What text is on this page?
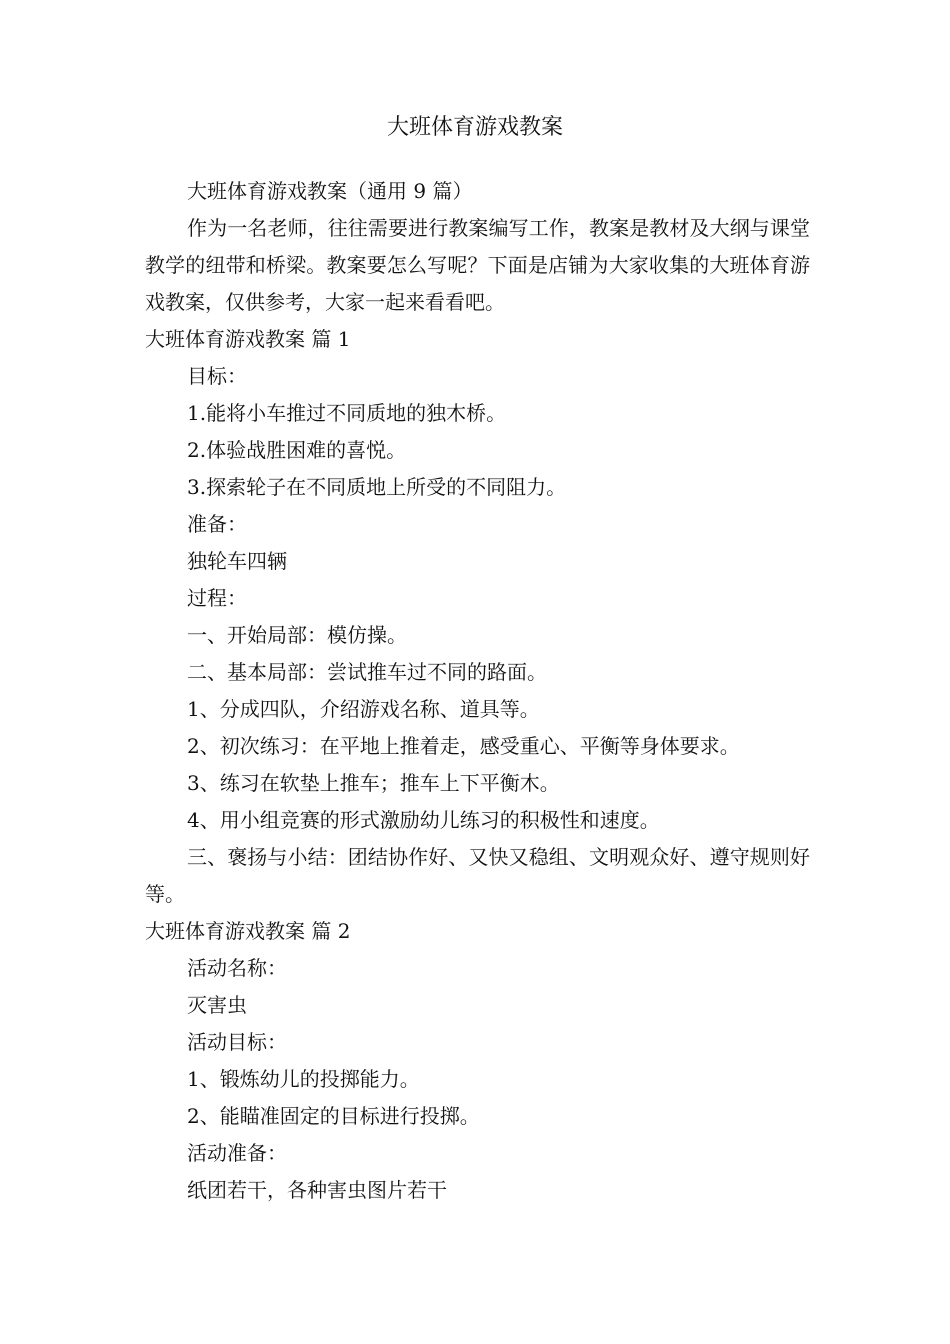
大班体育游戏教案

大班体育游戏教案（通用 9 篇）

作为一名老师，往往需要进行教案编写工作，教案是教材及大纲与课堂教学的纽带和桥梁。教案要怎么写呢？下面是店铺为大家收集的大班体育游戏教案，仅供参考，大家一起来看看吧。

大班体育游戏教案 篇 1

目标：

1.能将小车推过不同质地的独木桥。

2.体验战胜困难的喜悦。

3.探索轮子在不同质地上所受的不同阻力。

准备：

独轮车四辆

过程：

一、开始局部：模仿操。

二、基本局部：尝试推车过不同的路面。

1、分成四队，介绍游戏名称、道具等。

2、初次练习：在平地上推着走，感受重心、平衡等身体要求。

3、练习在软垫上推车；推车上下平衡木。

4、用小组竞赛的形式激励幼儿练习的积极性和速度。

三、褒扬与小结：团结协作好、又快又稳组、文明观众好、遵守规则好等。

大班体育游戏教案 篇 2

活动名称：

灭害虫

活动目标：

1、锻炼幼儿的投掷能力。

2、能瞄准固定的目标进行投掷。

活动准备：

纸团若干，各种害虫图片若干
